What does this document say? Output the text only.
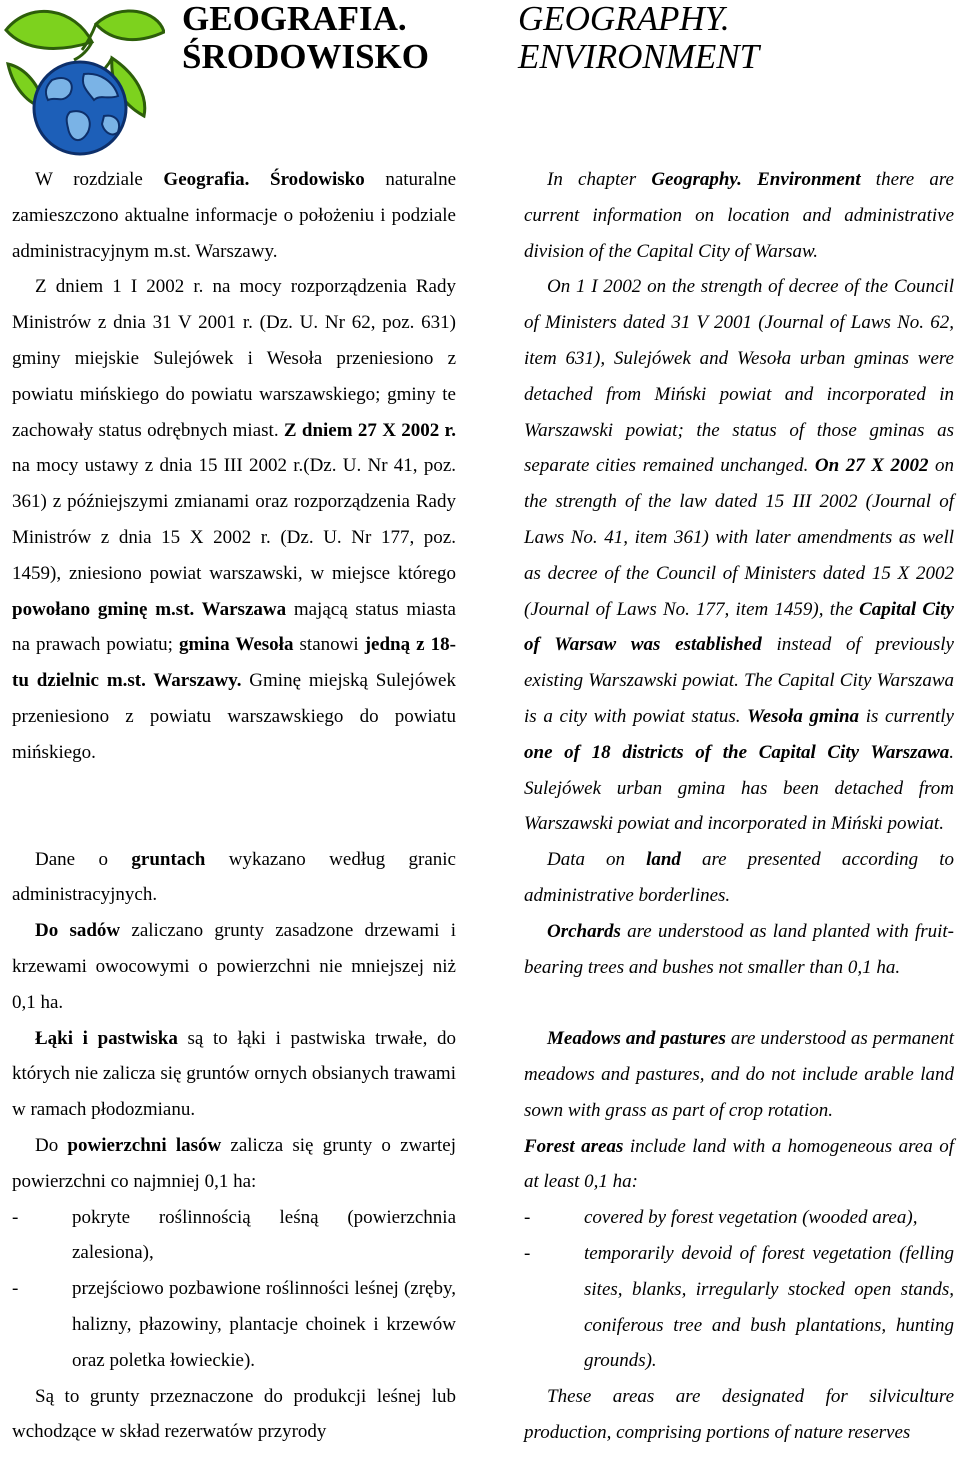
GEOGRAFIA.
ŚRODOWISKO
GEOGRAPHY.
ENVIRONMENT

W rozdziale Geografia. Środowisko naturalne zamieszczono aktualne informacje o położeniu i podziale administracyjnym m.st. Warszawy.

Z dniem 1 I 2002 r. na mocy rozporządzenia Rady Ministrów z dnia 31 V 2001 r. (Dz. U. Nr 62, poz. 631) gminy miejskie Sulejówek i Wesoła przeniesiono z powiatu mińskiego do powiatu warszawskiego; gminy te zachowały status odrębnych miast. Z dniem 27 X 2002 r. na mocy ustawy z dnia 15 III 2002 r.(Dz. U. Nr 41, poz. 361) z późniejszymi zmianami oraz rozporządzenia Rady Ministrów z dnia 15 X 2002 r. (Dz. U. Nr 177, poz. 1459), zniesiono powiat warszawski, w miejsce którego powołano gminę m.st. Warszawa mającą status miasta na prawach powiatu; gmina Wesoła stanowi jedną z 18-tu dzielnic m.st. Warszawy. Gminę miejską Sulejówek przeniesiono z powiatu warszawskiego do powiatu mińskiego.

Dane o gruntach wykazano według granic administracyjnych.

Do sadów zaliczano grunty zasadzone drzewami i krzewami owocowymi o powierzchni nie mniejszej niż 0,1 ha.

Łąki i pastwiska są to łąki i pastwiska trwałe, do których nie zalicza się gruntów ornych obsianych trawami w ramach płodozmianu.

Do powierzchni lasów zalicza się grunty o zwartej powierzchni co najmniej 0,1 ha:

-	pokryte roślinnością leśną (powierzchnia zalesiona),
-	przejściowo pozbawione roślinności leśnej (zręby, halizny, płazowiny, plantacje choinek i krzewów oraz poletka łowieckie).

Są to grunty przeznaczone do produkcji leśnej lub wchodzące w skład rezerwatów przyrody

In chapter Geography. Environment there are current information on location and administrative division of the Capital City of Warsaw.

On 1 I 2002 on the strength of decree of the Council of Ministers dated 31 V 2001 (Journal of Laws No. 62, item 631), Sulejówek and Wesoła urban gminas were detached from Miński powiat and incorporated in Warszawski powiat; the status of those gminas as separate cities remained unchanged. On 27 X 2002 on the strength of the law dated 15 III 2002 (Journal of Laws No. 41, item 361) with later amendments as well as decree of the Council of Ministers dated 15 X 2002 (Journal of Laws No. 177, item 1459), the Capital City of Warsaw was established instead of previously existing Warszawski powiat. The Capital City Warszawa is a city with powiat status. Wesoła gmina is currently one of 18 districts of the Capital City Warszawa. Sulejówek urban gmina has been detached from Warszawski powiat and incorporated in Miński powiat.

Data on land are presented according to administrative borderlines.

Orchards are understood as land planted with fruit-bearing trees and bushes not smaller than 0,1 ha.

Meadows and pastures are understood as permanent meadows and pastures, and do not include arable land sown with grass as part of crop rotation.

Forest areas include land with a homogeneous area of at least 0,1 ha:

-	covered by forest vegetation (wooded area),
-	temporarily devoid of forest vegetation (felling sites, blanks, irregularly stocked open stands, coniferous tree and bush plantations, hunting grounds).

These areas are designated for silviculture production, comprising portions of nature reserves
